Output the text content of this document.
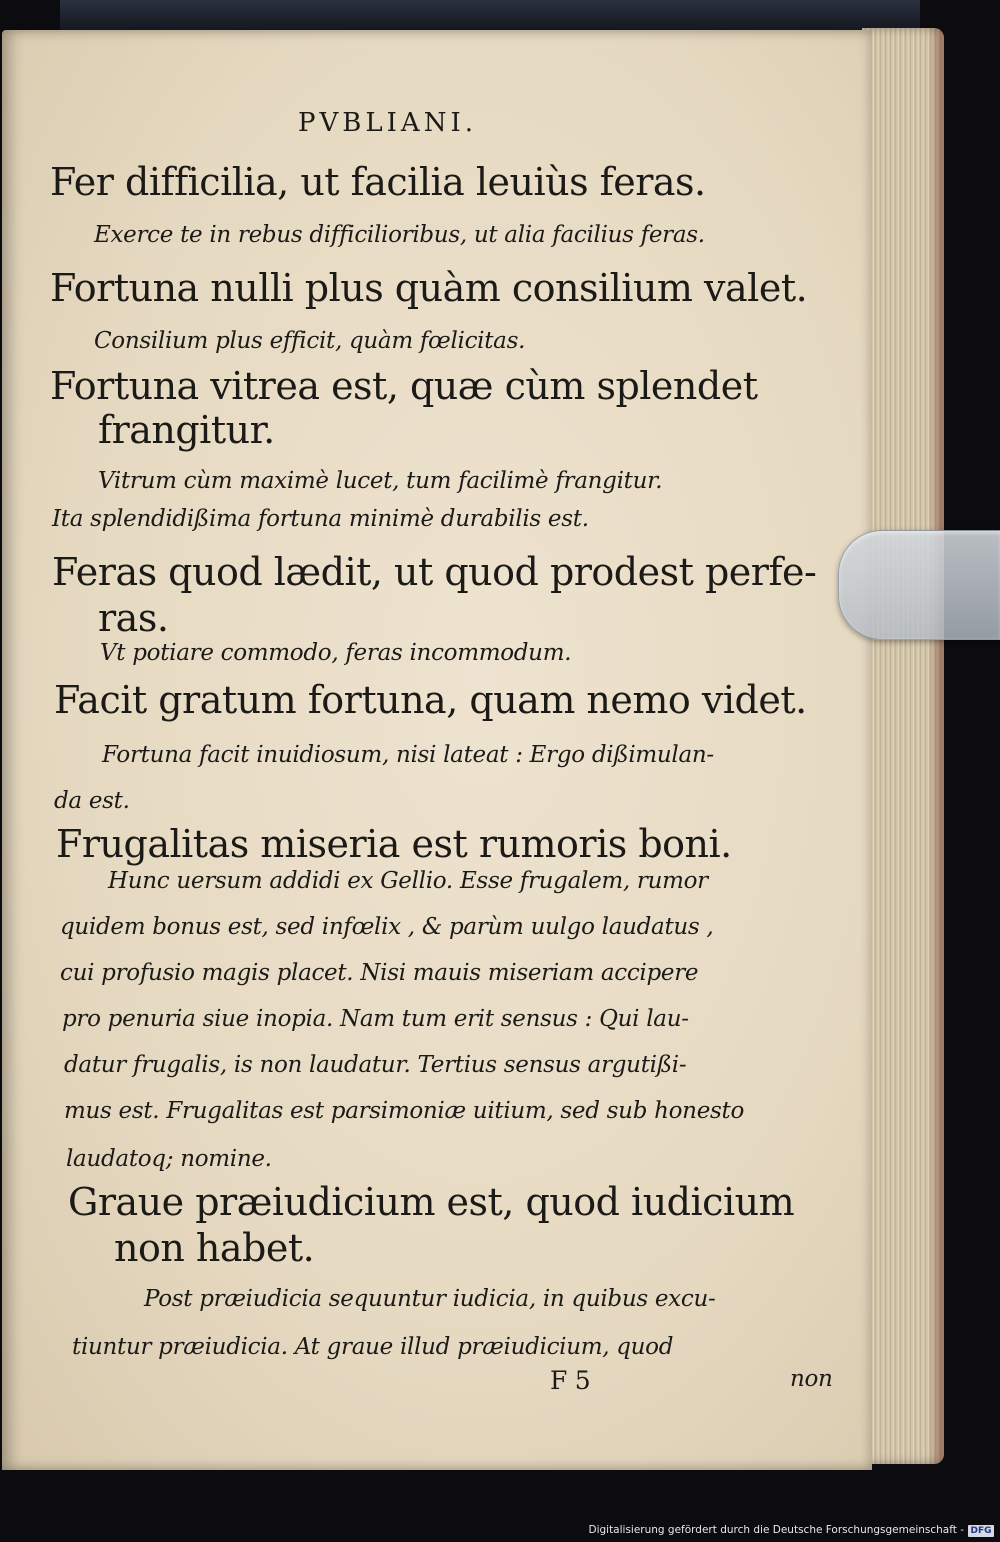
PVBLIANI.
Fer difficilia, ut facilia leuiùs feras.
Exerce te in rebus difficilioribus, ut alia facilius feras.
Fortuna nulli plus quàm consilium valet.
Consilium plus efficit, quàm fœlicitas.
Fortuna vitrea est, quæ cùm splendet
frangitur.
Vitrum cùm maximè lucet, tum facilimè frangitur.
Ita splendidißima fortuna minimè durabilis est.
Feras quod lædit, ut quod prodest perfe-
ras.
Vt potiare commodo, feras incommodum.
Facit gratum fortuna, quam nemo videt.
Fortuna facit inuidiosum, nisi lateat : Ergo dißimulan-
da est.
Frugalitas miseria est rumoris boni.
Hunc uersum addidi ex Gellio. Esse frugalem, rumor
quidem bonus est, sed infœlix , & parùm uulgo laudatus ,
cui profusio magis placet. Nisi mauis miseriam accipere
pro penuria siue inopia. Nam tum erit sensus : Qui lau-
datur frugalis, is non laudatur. Tertius sensus argutißi-
mus est. Frugalitas est parsimoniæ uitium, sed sub honesto
laudatoq; nomine.
Graue præiudicium est, quod iudicium
non habet.
Post præiudicia sequuntur iudicia, in quibus excu-
tiuntur præiudicia. At graue illud præiudicium, quod
F 5	non
Digitalisierung gefördert durch die Deutsche Forschungsgemeinschaft - DFG
